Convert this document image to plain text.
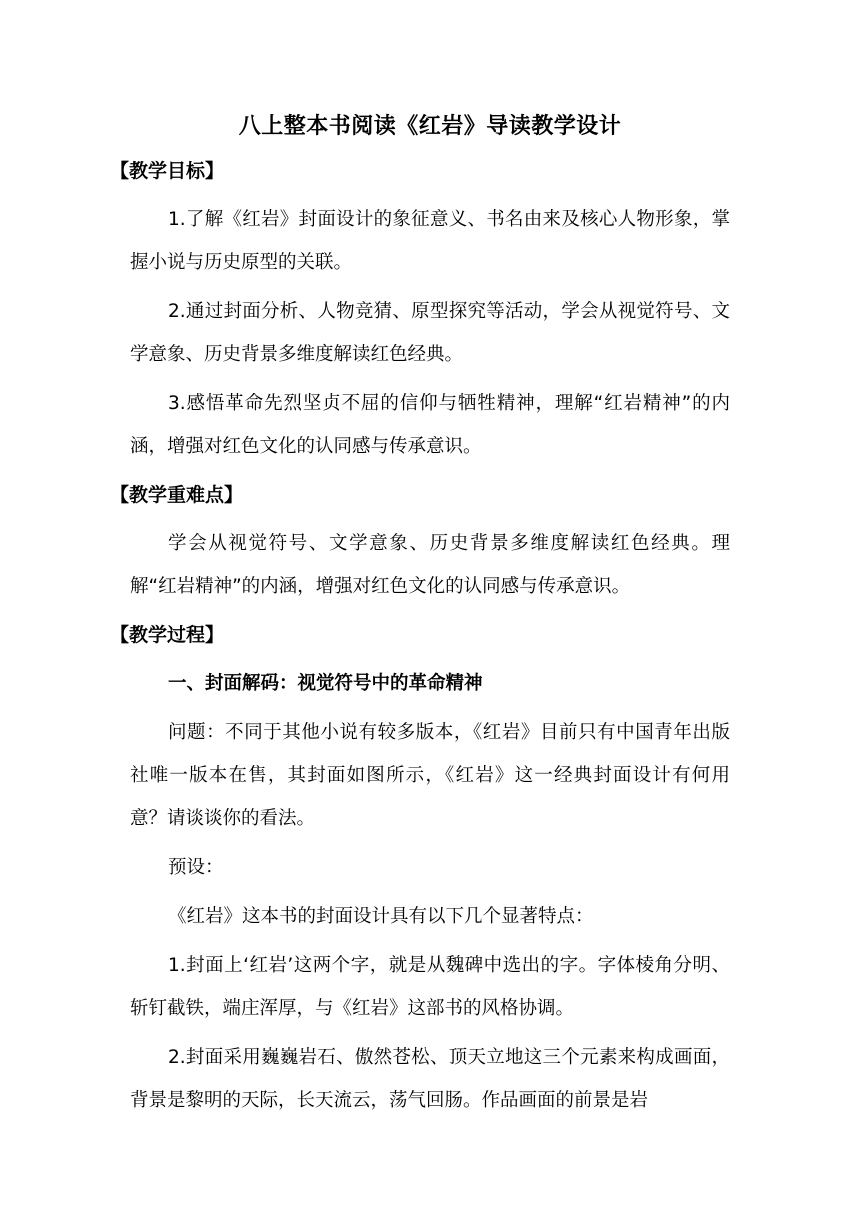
八上整本书阅读《红岩》导读教学设计
【教学目标】

1.了解《红岩》封面设计的象征意义、书名由来及核心人物形象，掌握小说与历史原型的关联。

2.通过封面分析、人物竞猜、原型探究等活动，学会从视觉符号、文学意象、历史背景多维度解读红色经典。

3.感悟革命先烈坚贞不屈的信仰与牺牲精神，理解“红岩精神”的内涵，增强对红色文化的认同感与传承意识。

【教学重难点】

学会从视觉符号、文学意象、历史背景多维度解读红色经典。理解“红岩精神”的内涵，增强对红色文化的认同感与传承意识。

【教学过程】
一、封面解码：视觉符号中的革命精神

问题：不同于其他小说有较多版本，《红岩》目前只有中国青年出版社唯一版本在售，其封面如图所示，《红岩》这一经典封面设计有何用意？请谈谈你的看法。

预设：

《红岩》这本书的封面设计具有以下几个显著特点：

1.封面上‘红岩’这两个字，就是从魏碑中选出的字。字体棱角分明、斩钉截铁，端庄浑厚，与《红岩》这部书的风格协调。

2.封面采用巍巍岩石、傲然苍松、顶天立地这三个元素来构成画面，背景是黎明的天际，长天流云，荡气回肠。作品画面的前景是岩
